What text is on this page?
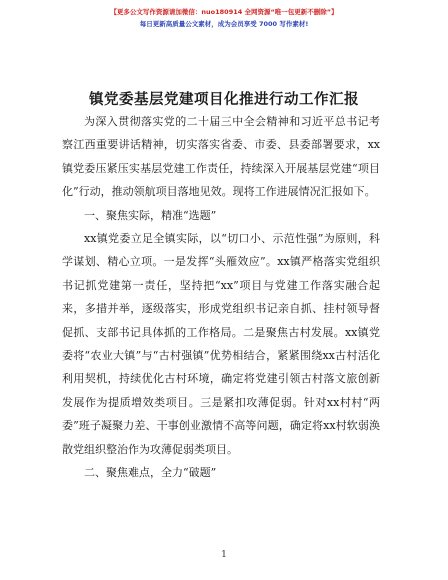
【更多公文写作资源请加微信：nuo180914 全网资源“唯一包更新不删除”】
每日更新高质量公文素材，成为会员享受 7000 写作素材!
镇党委基层党建项目化推进行动工作汇报

为深入贯彻落实党的二十届三中全会精神和习近平总书记考察江西重要讲话精神，切实落实省委、市委、县委部署要求，xx镇党委压紧压实基层党建工作责任，持续深入开展基层党建“项目化”行动，推动领航项目落地见效。现将工作进展情况汇报如下。

一、聚焦实际，精准“选题”

xx镇党委立足全镇实际，以“切口小、示范性强”为原则，科学谋划、精心立项。一是发挥“头雁效应”。xx镇严格落实党组织书记抓党建第一责任，坚持把“xx”项目与党建工作落实融合起来，多措并举，逐级落实，形成党组织书记亲自抓、挂村领导督促抓、支部书记具体抓的工作格局。二是聚焦古村发展。xx镇党委将“农业大镇”与“古村强镇”优势相结合，紧紧围绕xx古村活化利用契机，持续优化古村环境，确定将党建引领古村落文旅创新发展作为提质增效类项目。三是紧扣攻薄促弱。针对xx村村“两委”班子凝聚力差、干事创业激情不高等问题，确定将xx村软弱涣散党组织整治作为攻薄促弱类项目。

二、聚焦难点，全力“破题”

1
